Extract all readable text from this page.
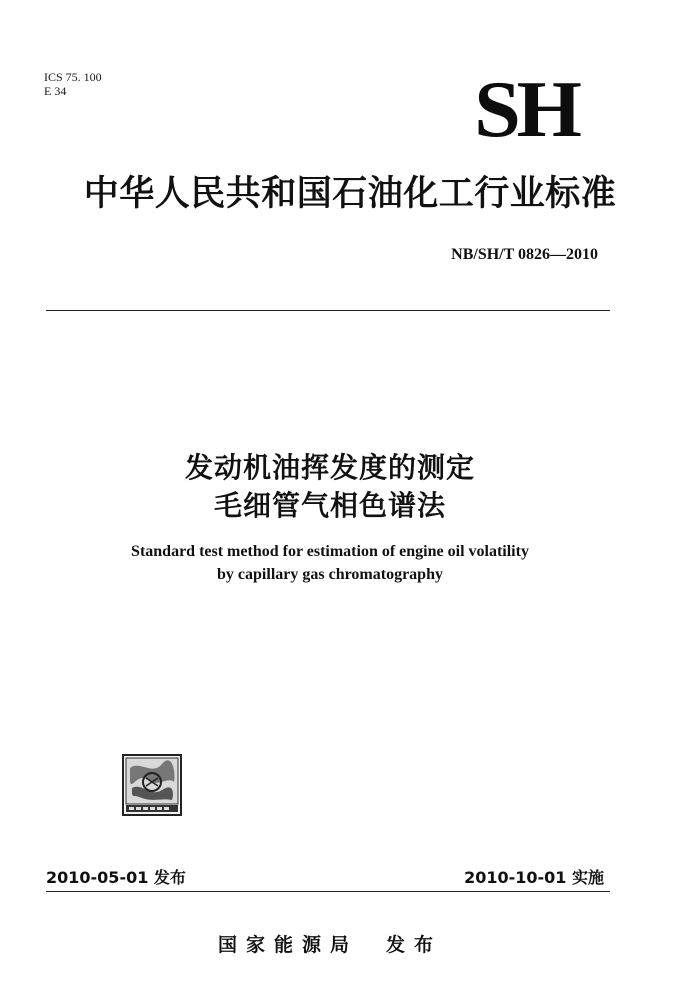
ICS 75. 100
E 34	SH
中华人民共和国石油化工行业标准
NB/SH/T 0826—2010
发动机油挥发度的测定
毛细管气相色谱法
Standard test method for estimation of engine oil volatility
by capillary gas chromatography
2010-05-01 发布	2010-10-01 实施
国家能源局 发布
